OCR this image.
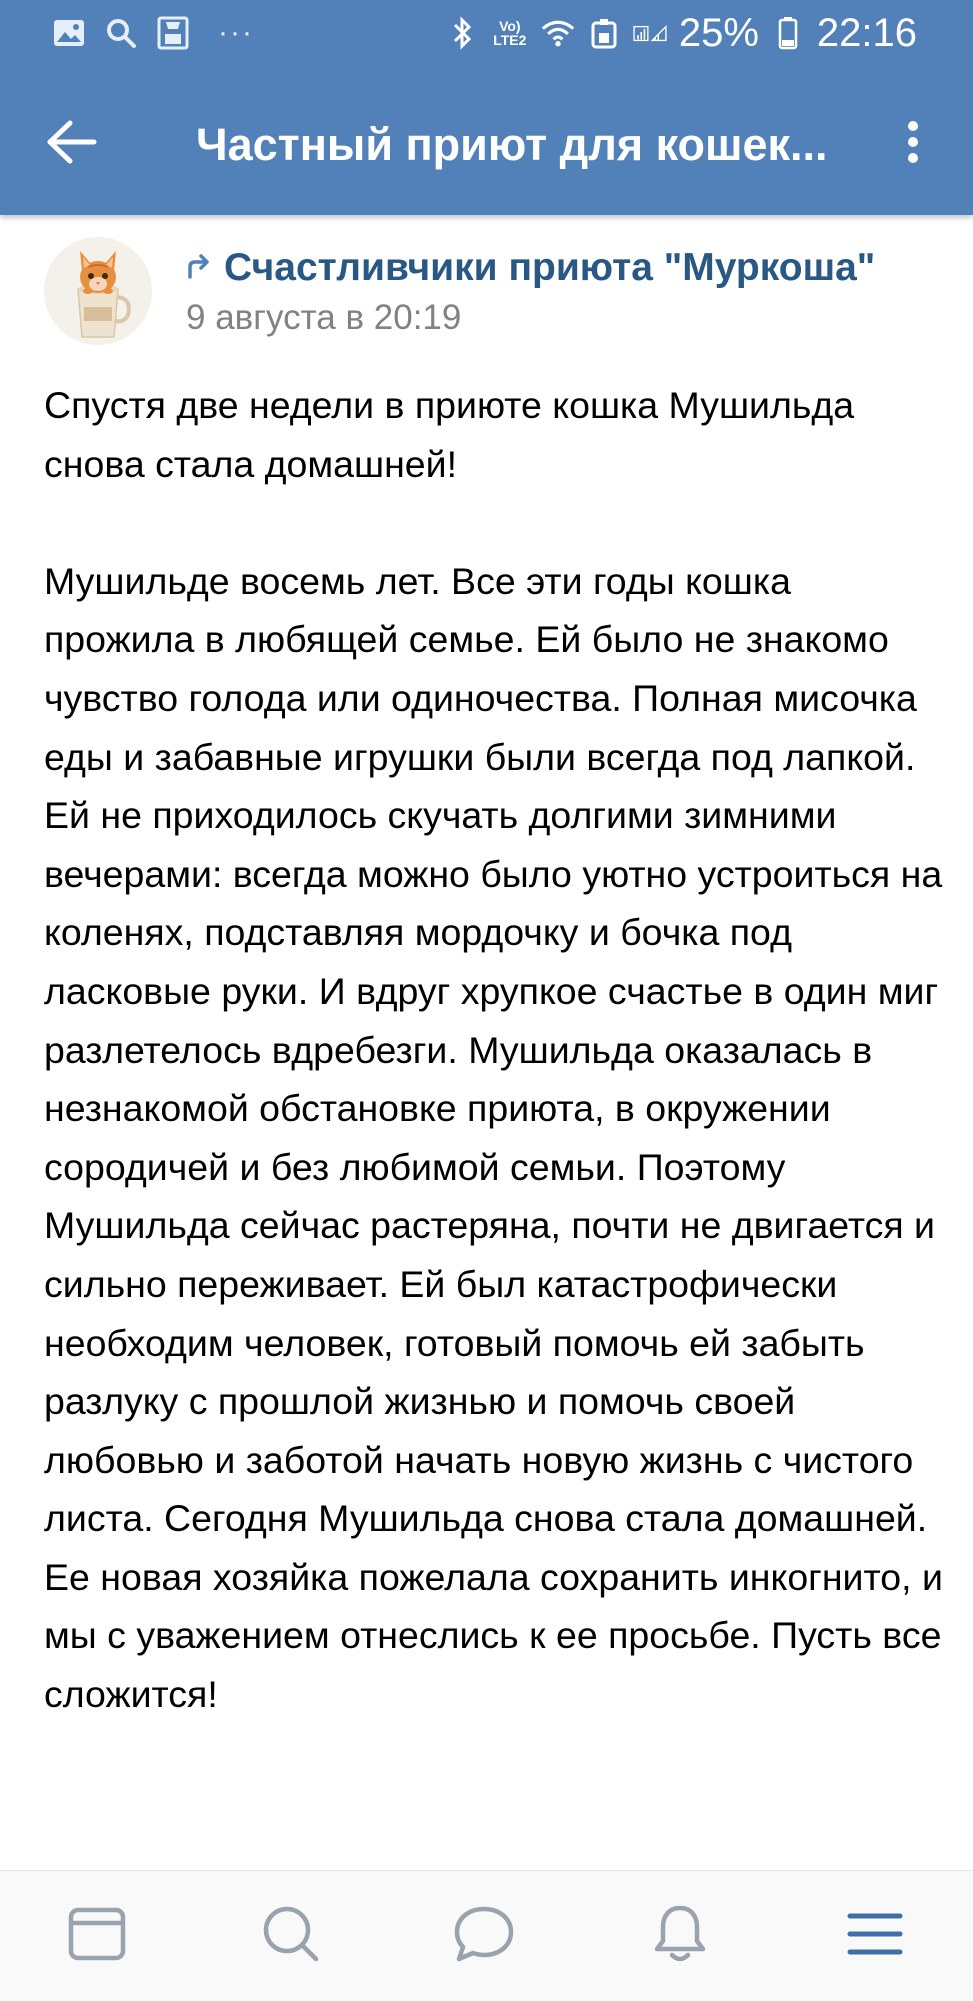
···	Vo) LTE2	25% 22:16
Частный приют для кошек...
Счастливчики приюта "Муркоша"
9 августа в 20:19

Спустя две недели в приюте кошка Мушильда снова стала домашней!

Мушильде восемь лет. Все эти годы кошка прожила в любящей семье. Ей было не знакомо чувство голода или одиночества. Полная мисочка еды и забавные игрушки были всегда под лапкой. Ей не приходилось скучать долгими зимними вечерами: всегда можно было уютно устроиться на коленях, подставляя мордочку и бочка под ласковые руки. И вдруг хрупкое счастье в один миг разлетелось вдребезги. Мушильда оказалась в незнакомой обстановке приюта, в окружении сородичей и без любимой семьи. Поэтому Мушильда сейчас растеряна, почти не двигается и сильно переживает. Ей был катастрофически необходим человек, готовый помочь ей забыть разлуку с прошлой жизнью и помочь своей любовью и заботой начать новую жизнь с чистого листа. Сегодня Мушильда снова стала домашней. Ее новая хозяйка пожелала сохранить инкогнито, и мы с уважением отнеслись к ее просьбе. Пусть все сложится!
